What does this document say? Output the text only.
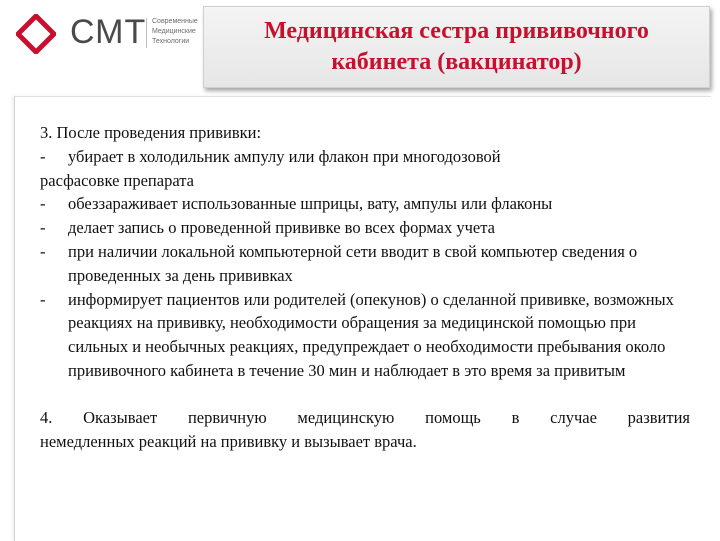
СМТ Современные
Медицинские
Технологии	Медицинская сестра прививочного
кабинета (вакцинатор)

3. После проведения прививки:

-	убирает в холодильник ампулу или флакон при многодозовой

расфасовке препарата

-	обеззараживает использованные шприцы, вату, ампулы или флаконы
-	делает запись о проведенной прививке во всех формах учета
-	при наличии локальной компьютерной сети вводит в свой компьютер сведения о проведенных за день прививках
-	информирует пациентов или родителей (опекунов) о сделанной прививке, возможных реакциях на прививку, необходимости обращения за медицинской помощью при сильных и необычных реакциях, предупреждает о необходимости пребывания около прививочного кабинета в течение 30 мин и наблюдает в это время за привитым

4. Оказывает первичную медицинскую помощь в случае развития

немедленных реакций на прививку и вызывает врача.
